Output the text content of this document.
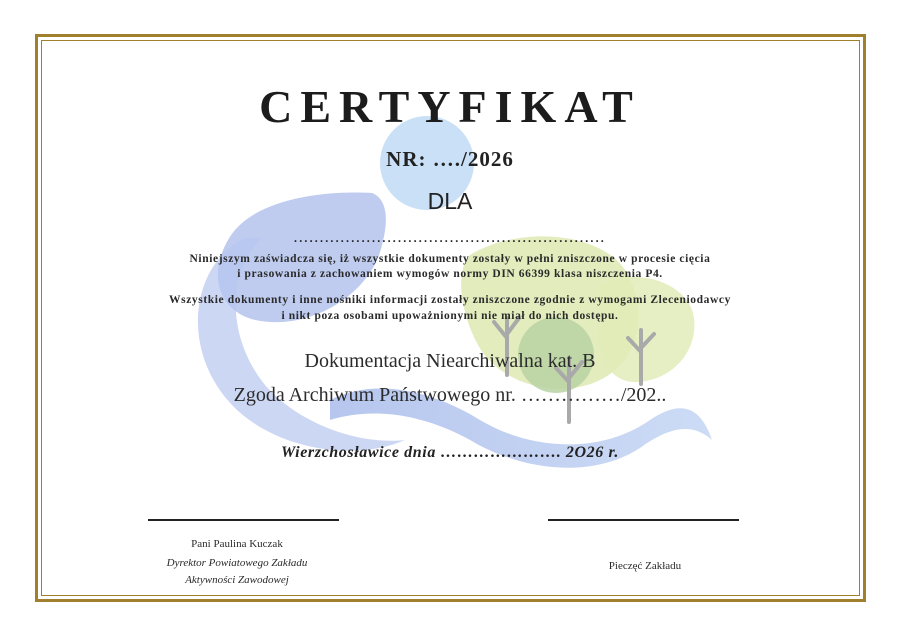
CERTYFIKAT
NR: …./2026
DLA
............................................................
Niniejszym zaświadcza się, iż wszystkie dokumenty zostały w pełni zniszczone w procesie cięcia
i prasowania z zachowaniem wymogów normy DIN 66399 klasa niszczenia P4.
Wszystkie dokumenty i inne nośniki informacji zostały zniszczone zgodnie z wymogami Zleceniodawcy
i nikt poza osobami upoważnionymi nie miał do nich dostępu.
Dokumentacja Niearchiwalna kat. B
Zgoda Archiwum Państwowego nr. ……………/202..
Wierzchosławice dnia …………………. 2O26 r.
Pani Paulina Kuczak
Dyrektor Powiatowego Zakładu
Aktywności Zawodowej
Pieczęć Zakładu
